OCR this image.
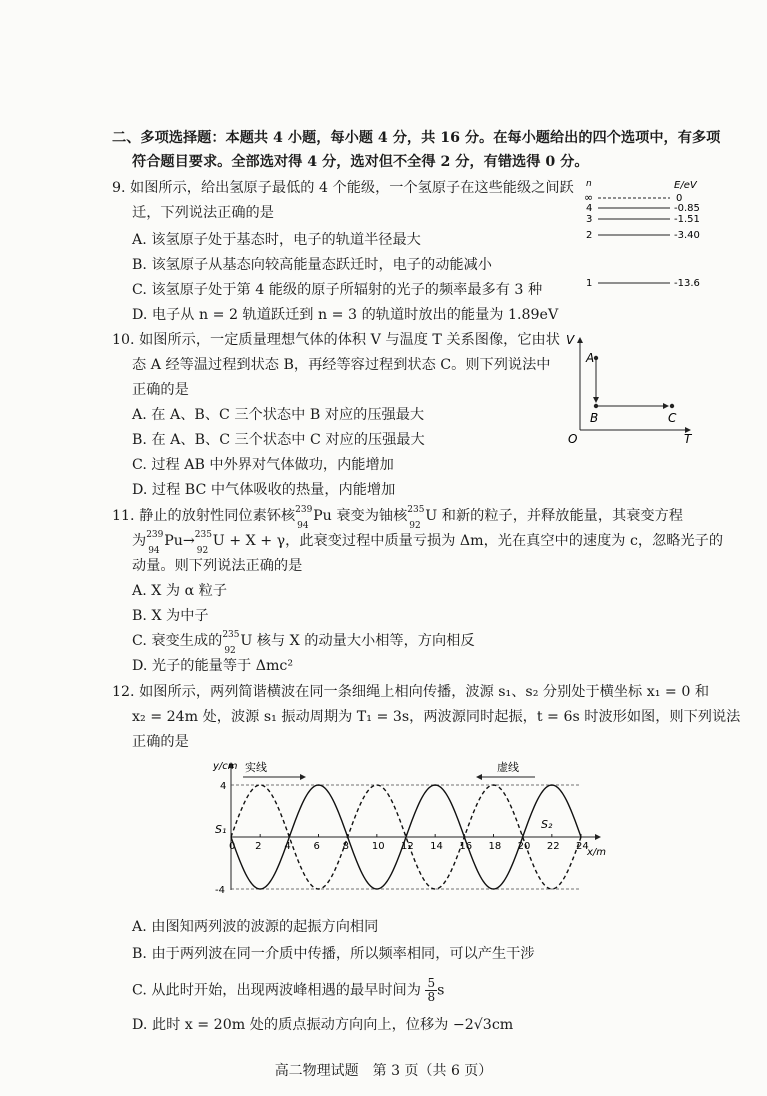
二、多项选择题：本题共 4 小题，每小题 4 分，共 16 分。在每小题给出的四个选项中，有多项
符合题目要求。全部选对得 4 分，选对但不全得 2 分，有错选得 0 分。
9. 如图所示，给出氢原子最低的 4 个能级，一个氢原子在这些能级之间跃
迁，下列说法正确的是
A. 该氢原子处于基态时，电子的轨道半径最大
B. 该氢原子从基态向较高能量态跃迁时，电子的动能减小
C. 该氢原子处于第 4 能级的原子所辐射的光子的频率最多有 3 种
D. 电子从 n = 2 轨道跃迁到 n = 3 的轨道时放出的能量为 1.89eV
n	E/eV
∞	0
4	-0.85
3	-1.51
2	-3.40
1	-13.6
10. 如图所示，一定质量理想气体的体积 V 与温度 T 关系图像，它由状
态 A 经等温过程到状态 B，再经等容过程到状态 C。则下列说法中
正确的是
A. 在 A、B、C 三个状态中 B 对应的压强最大
B. 在 A、B、C 三个状态中 C 对应的压强最大
C. 过程 AB 中外界对气体做功，内能增加
D. 过程 BC 中气体吸收的热量，内能增加
V
T
O
A
B	C
11. 静止的放射性同位素钚核 239
94
Pu 衰变为铀核 235
92
U 和新的粒子，并释放能量，其衰变方程
为 239
94
Pu→ 235
92
U + X + γ，此衰变过程中质量亏损为 Δm，光在真空中的速度为 c，忽略光子的
动量。则下列说法正确的是
A. X 为 α 粒子
B. X 为中子
C. 衰变生成的 235
92
U 核与 X 的动量大小相等，方向相反
D. 光子的能量等于 Δmc²
12. 如图所示，两列简谐横波在同一条细绳上相向传播，波源 s₁、s₂ 分别处于横坐标 x₁ = 0 和
x₂ = 24m 处，波源 s₁ 振动周期为 T₁ = 3s，两波源同时起振，t = 6s 时波形如图，则下列说法
正确的是
y/cm
x/m
实线	虚线
S₁	S₂
0 2 4 6 8 10 12 14 16 18 20 22 24
4
-4
A. 由图知两列波的波源的起振方向相同
B. 由于两列波在同一介质中传播，所以频率相同，可以产生干涉
C. 从此时开始，出现两波峰相遇的最早时间为 $\frac{5}{8}$ s
D. 此时 x = 20m 处的质点振动方向向上，位移为 −2√3cm
高二物理试题　第 3 页（共 6 页）
